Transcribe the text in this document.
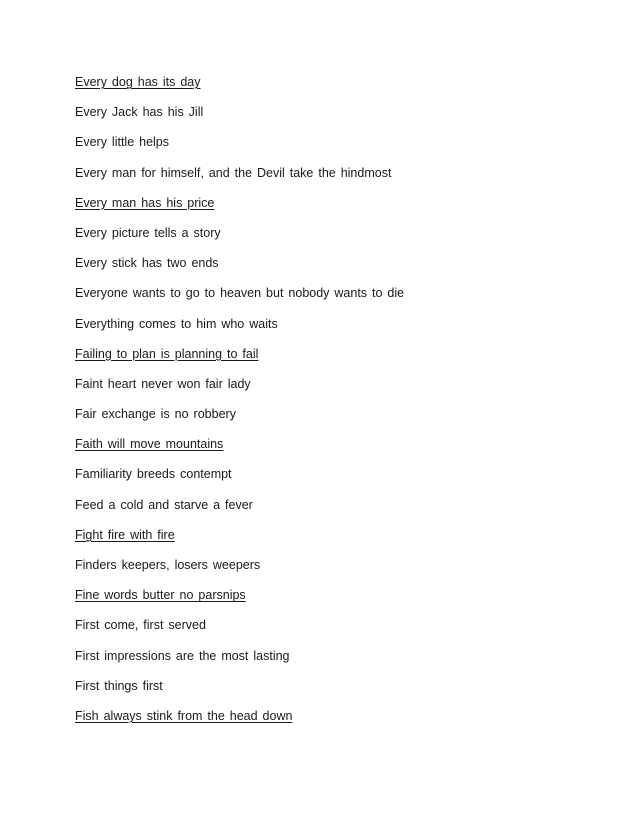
Every dog has its day
Every Jack has his Jill
Every little helps
Every man for himself, and the Devil take the hindmost
Every man has his price
Every picture tells a story
Every stick has two ends
Everyone wants to go to heaven but nobody wants to die
Everything comes to him who waits
Failing to plan is planning to fail
Faint heart never won fair lady
Fair exchange is no robbery
Faith will move mountains
Familiarity breeds contempt
Feed a cold and starve a fever
Fight fire with fire
Finders keepers, losers weepers
Fine words butter no parsnips
First come, first served
First impressions are the most lasting
First things first
Fish always stink from the head down
